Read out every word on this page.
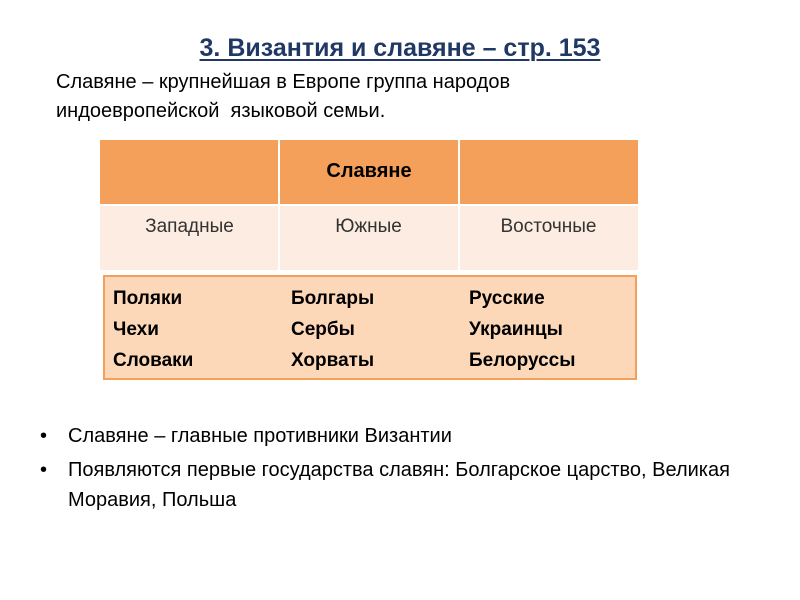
3. Византия и славяне – стр. 153
Славяне – крупнейшая в Европе группа народов
индоевропейской  языковой семьи.
Славяне
Западные	Южные	Восточные
Поляки
Чехи
Словаки
Болгары
Сербы
Хорваты
Русские
Украинцы
Белоруссы
• Славяне – главные противники Византии
• Появляются первые государства славян: Болгарское царство, Великая Моравия, Польша
